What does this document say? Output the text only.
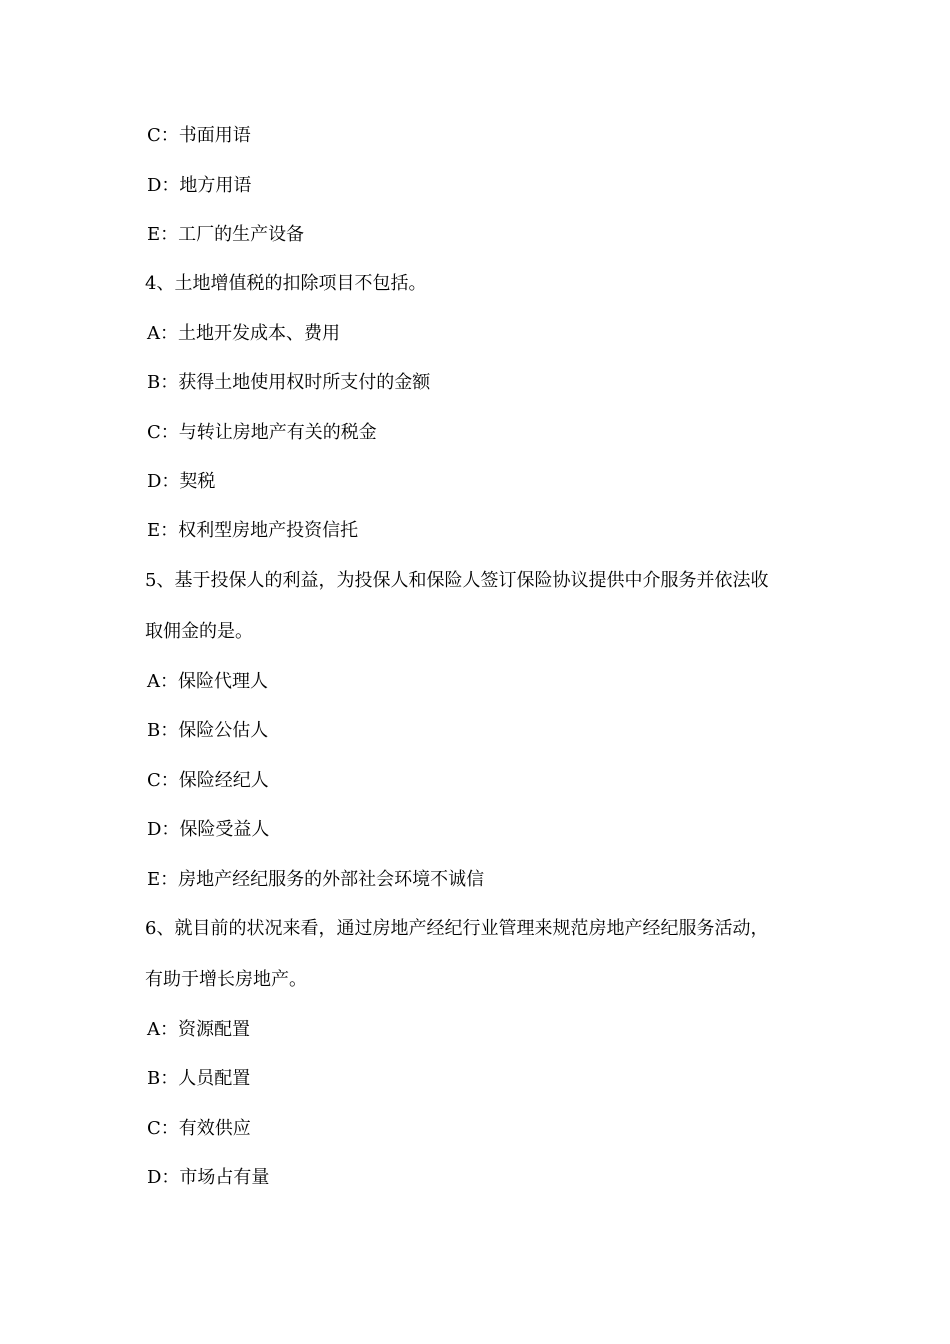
C：书面用语
D：地方用语
E：工厂的生产设备
4、土地增值税的扣除项目不包括。
A：土地开发成本、费用
B：获得土地使用权时所支付的金额
C：与转让房地产有关的税金
D：契税
E：权利型房地产投资信托
5、基于投保人的利益，为投保人和保险人签订保险协议提供中介服务并依法收
取佣金的是。
A：保险代理人
B：保险公估人
C：保险经纪人
D：保险受益人
E：房地产经纪服务的外部社会环境不诚信
6、就目前的状况来看，通过房地产经纪行业管理来规范房地产经纪服务活动，
有助于增长房地产。
A：资源配置
B：人员配置
C：有效供应
D：市场占有量
